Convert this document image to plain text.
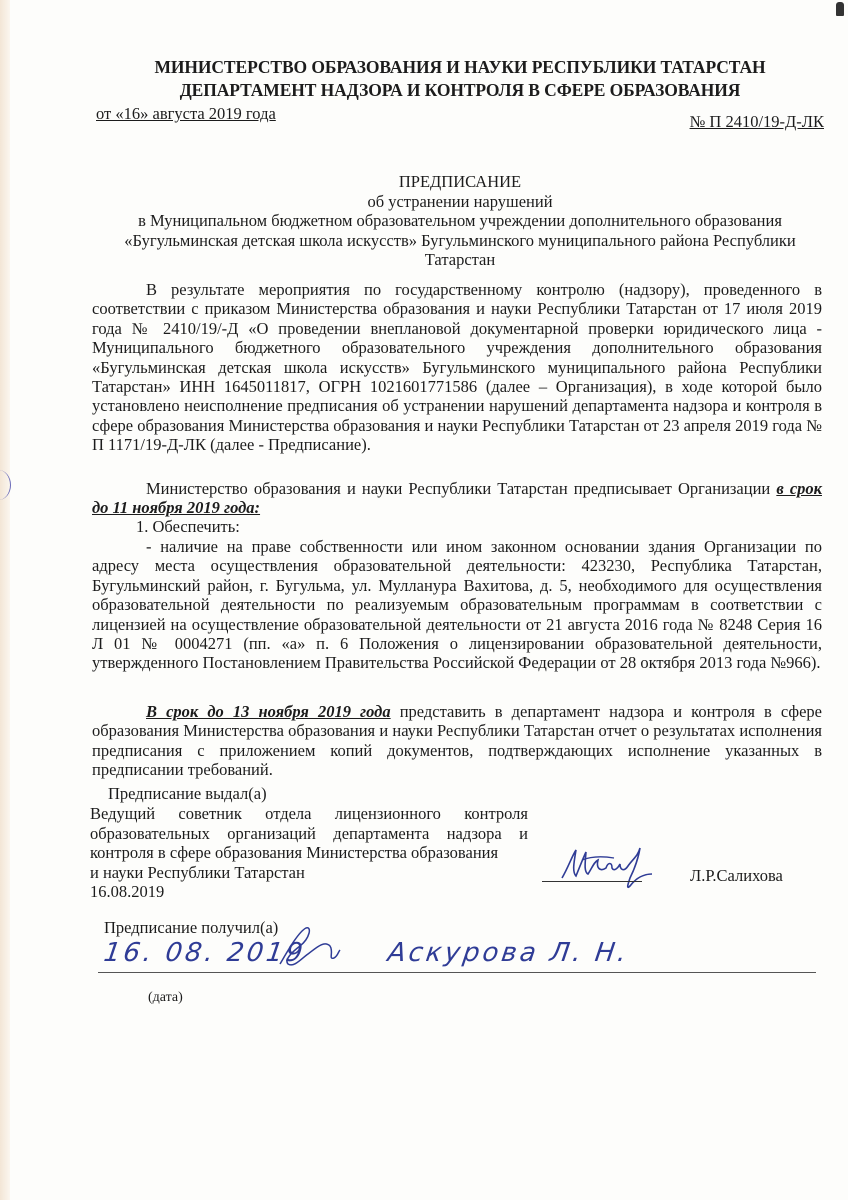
МИНИСТЕРСТВО ОБРАЗОВАНИЯ И НАУКИ РЕСПУБЛИКИ ТАТАРСТАН
ДЕПАРТАМЕНТ НАДЗОРА И КОНТРОЛЯ В СФЕРЕ ОБРАЗОВАНИЯ
от «16» августа 2019 года	№ П 2410/19-Д-ЛК
ПРЕДПИСАНИЕ
об устранении нарушений
в Муниципальном бюджетном образовательном учреждении дополнительного образования
«Бугульминская детская школа искусств» Бугульминского муниципального района Республики
Татарстан
В результате мероприятия по государственному контролю (надзору), проведенного в соответствии с приказом Министерства образования и науки Республики Татарстан от 17 июля 2019 года № 2410/19/-Д «О проведении внеплановой документарной проверки юридического лица - Муниципального бюджетного образовательного учреждения дополнительного образования «Бугульминская детская школа искусств» Бугульминского муниципального района Республики Татарстан» ИНН 1645011817, ОГРН 1021601771586 (далее – Организация), в ходе которой было установлено неисполнение предписания об устранении нарушений департамента надзора и контроля в сфере образования Министерства образования и науки Республики Татарстан от 23 апреля 2019 года № П 1171/19-Д-ЛК (далее - Предписание).
Министерство образования и науки Республики Татарстан предписывает Организации в срок до 11 ноября 2019 года:
1. Обеспечить:
- наличие на праве собственности или ином законном основании здания Организации по адресу места осуществления образовательной деятельности: 423230, Республика Татарстан, Бугульминский район, г. Бугульма, ул. Мулланура Вахитова, д. 5, необходимого для осуществления образовательной деятельности по реализуемым образовательным программам в соответствии с лицензией на осуществление образовательной деятельности от 21 августа 2016 года № 8248 Серия 16 Л 01 № 0004271 (пп. «а» п. 6 Положения о лицензировании образовательной деятельности, утвержденного Постановлением Правительства Российской Федерации от 28 октября 2013 года №966).
В срок до 13 ноября 2019 года представить в департамент надзора и контроля в сфере образования Министерства образования и науки Республики Татарстан отчет о результатах исполнения предписания с приложением копий документов, подтверждающих исполнение указанных в предписании требований.
Предписание выдал(а)
Ведущий советник отдела лицензионного контроля образовательных организаций департамента надзора и контроля в сфере образования Министерства образования
и науки Республики Татарстан
16.08.2019
Л.Р.Салихова
Предписание получил(а)
16. 08. 2019	Аскурова Л. Н.
(дата)
